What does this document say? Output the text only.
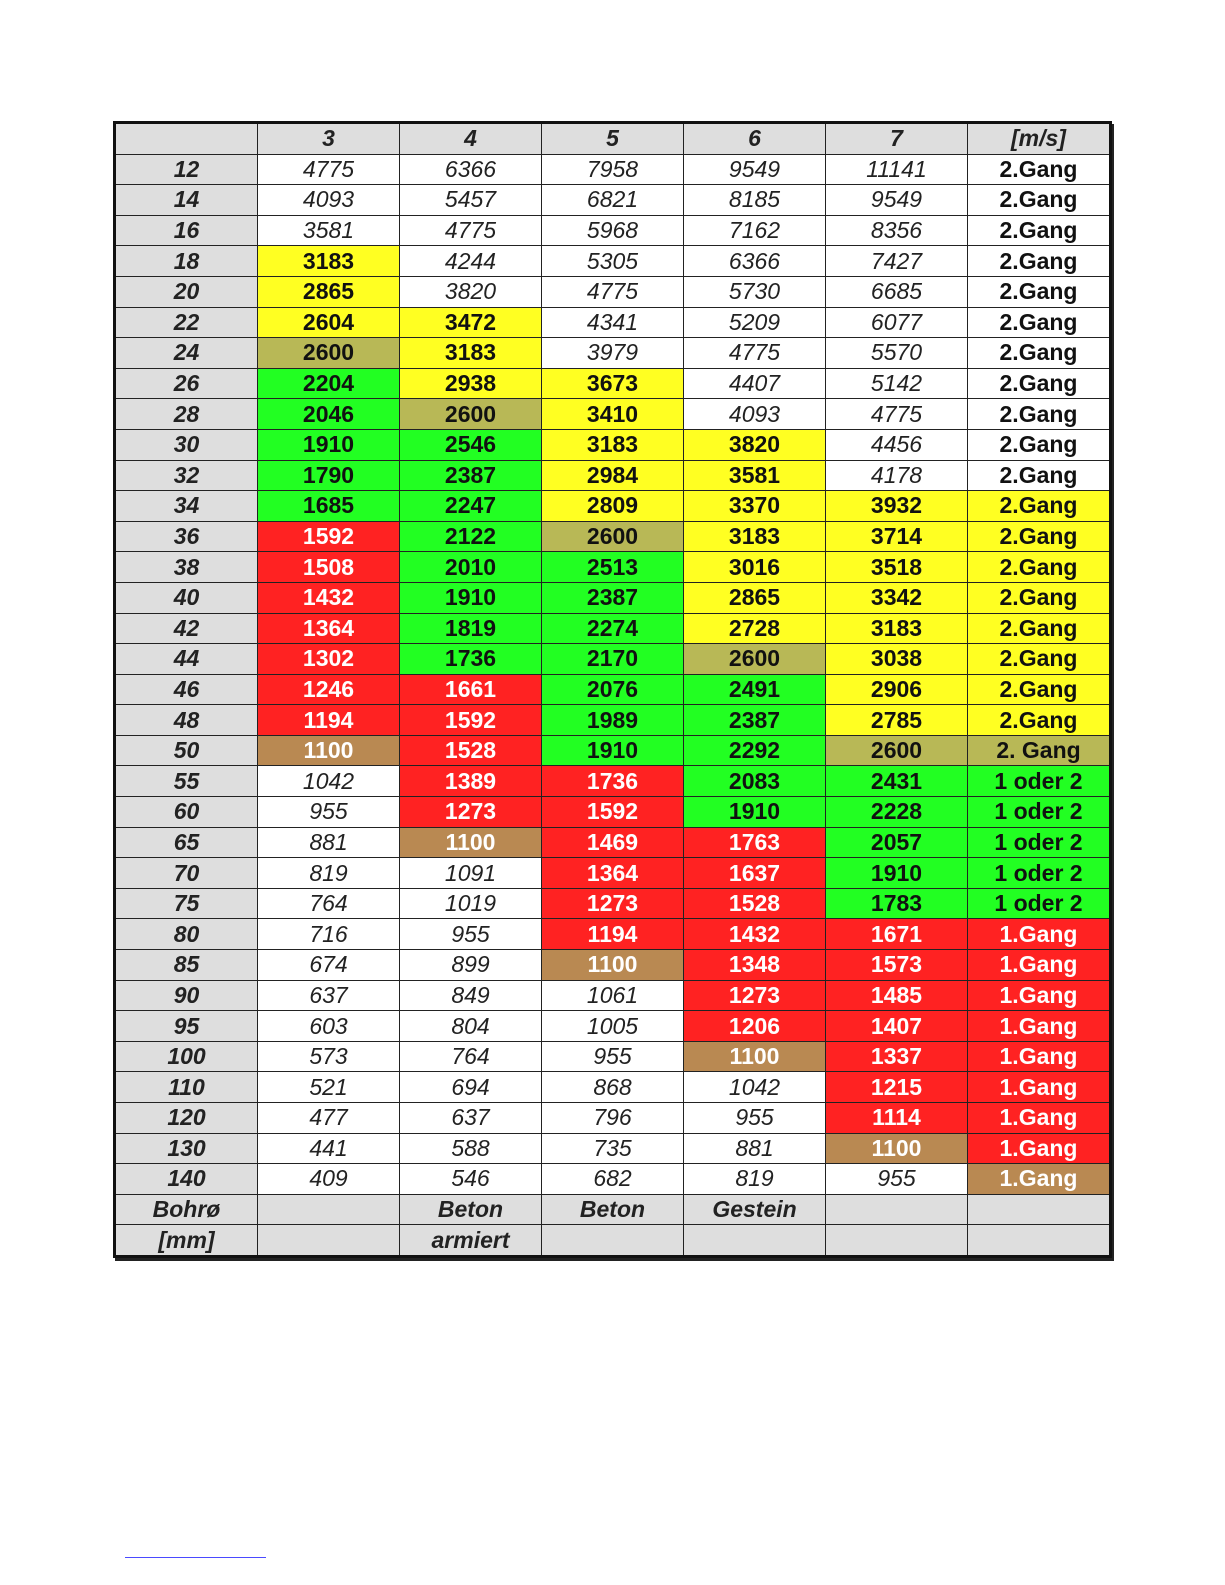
	3	4	5	6	7	[m/s]
12	4775	6366	7958	9549	11141	2.Gang
14	4093	5457	6821	8185	9549	2.Gang
16	3581	4775	5968	7162	8356	2.Gang
18	3183	4244	5305	6366	7427	2.Gang
20	2865	3820	4775	5730	6685	2.Gang
22	2604	3472	4341	5209	6077	2.Gang
24	2600	3183	3979	4775	5570	2.Gang
26	2204	2938	3673	4407	5142	2.Gang
28	2046	2600	3410	4093	4775	2.Gang
30	1910	2546	3183	3820	4456	2.Gang
32	1790	2387	2984	3581	4178	2.Gang
34	1685	2247	2809	3370	3932	2.Gang
36	1592	2122	2600	3183	3714	2.Gang
38	1508	2010	2513	3016	3518	2.Gang
40	1432	1910	2387	2865	3342	2.Gang
42	1364	1819	2274	2728	3183	2.Gang
44	1302	1736	2170	2600	3038	2.Gang
46	1246	1661	2076	2491	2906	2.Gang
48	1194	1592	1989	2387	2785	2.Gang
50	1100	1528	1910	2292	2600	2. Gang
55	1042	1389	1736	2083	2431	1 oder 2
60	955	1273	1592	1910	2228	1 oder 2
65	881	1100	1469	1763	2057	1 oder 2
70	819	1091	1364	1637	1910	1 oder 2
75	764	1019	1273	1528	1783	1 oder 2
80	716	955	1194	1432	1671	1.Gang
85	674	899	1100	1348	1573	1.Gang
90	637	849	1061	1273	1485	1.Gang
95	603	804	1005	1206	1407	1.Gang
100	573	764	955	1100	1337	1.Gang
110	521	694	868	1042	1215	1.Gang
120	477	637	796	955	1114	1.Gang
130	441	588	735	881	1100	1.Gang
140	409	546	682	819	955	1.Gang
Bohrø		Beton	Beton	Gestein		
[mm]		armiert				
